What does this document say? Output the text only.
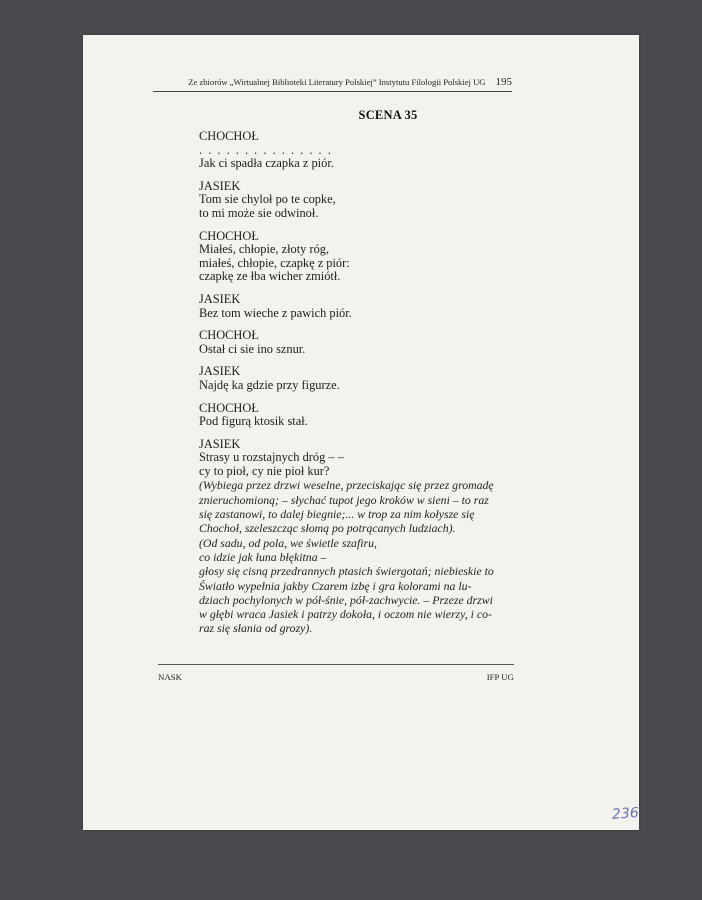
Ze zbiorów „Wirtualnej Biblioteki Literatury Polskiej” Instytutu Filologii Polskiej UG 195
SCENA 35
CHOCHOŁ
. . . . . . . . . . . . . . .
Jak ci spadła czapka z piór.
JASIEK
Tom sie chyloł po te copke,
to mi może sie odwinoł.
CHOCHOŁ
Miałeś, chłopie, złoty róg,
miałeś, chłopie, czapkę z piór:
czapkę ze łba wicher zmiótł.
JASIEK
Bez tom wieche z pawich piór.
CHOCHOŁ
Ostał ci sie ino sznur.
JASIEK
Najdę ka gdzie przy figurze.
CHOCHOŁ
Pod figurą ktosik stał.
JASIEK
Strasy u rozstajnych dróg – –
cy to pioł, cy nie pioł kur?
(Wybiega przez drzwi weselne, przeciskając się przez gromadę
znieruchomioną; – słychać tupot jego kroków w sieni – to raz
się zastanowi, to dalej biegnie;... w trop za nim kołysze się
Chochoł, szeleszcząc słomą po potrącanych ludziach).
(Od sadu, od pola, we świetle szafiru,
co idzie jak łuna błękitna –
głosy się cisną przedrannych ptasich świergotań; niebieskie to
Światło wypełnia jakby Czarem izbę i gra kolorami na lu-
dziach pochylonych w pół-śnie, pół-zachwycie. – Przeze drzwi
w głębi wraca Jasiek i patrzy dokoła, i oczom nie wierzy, i co-
raz się słania od grozy).
NASK	IFP UG
236
